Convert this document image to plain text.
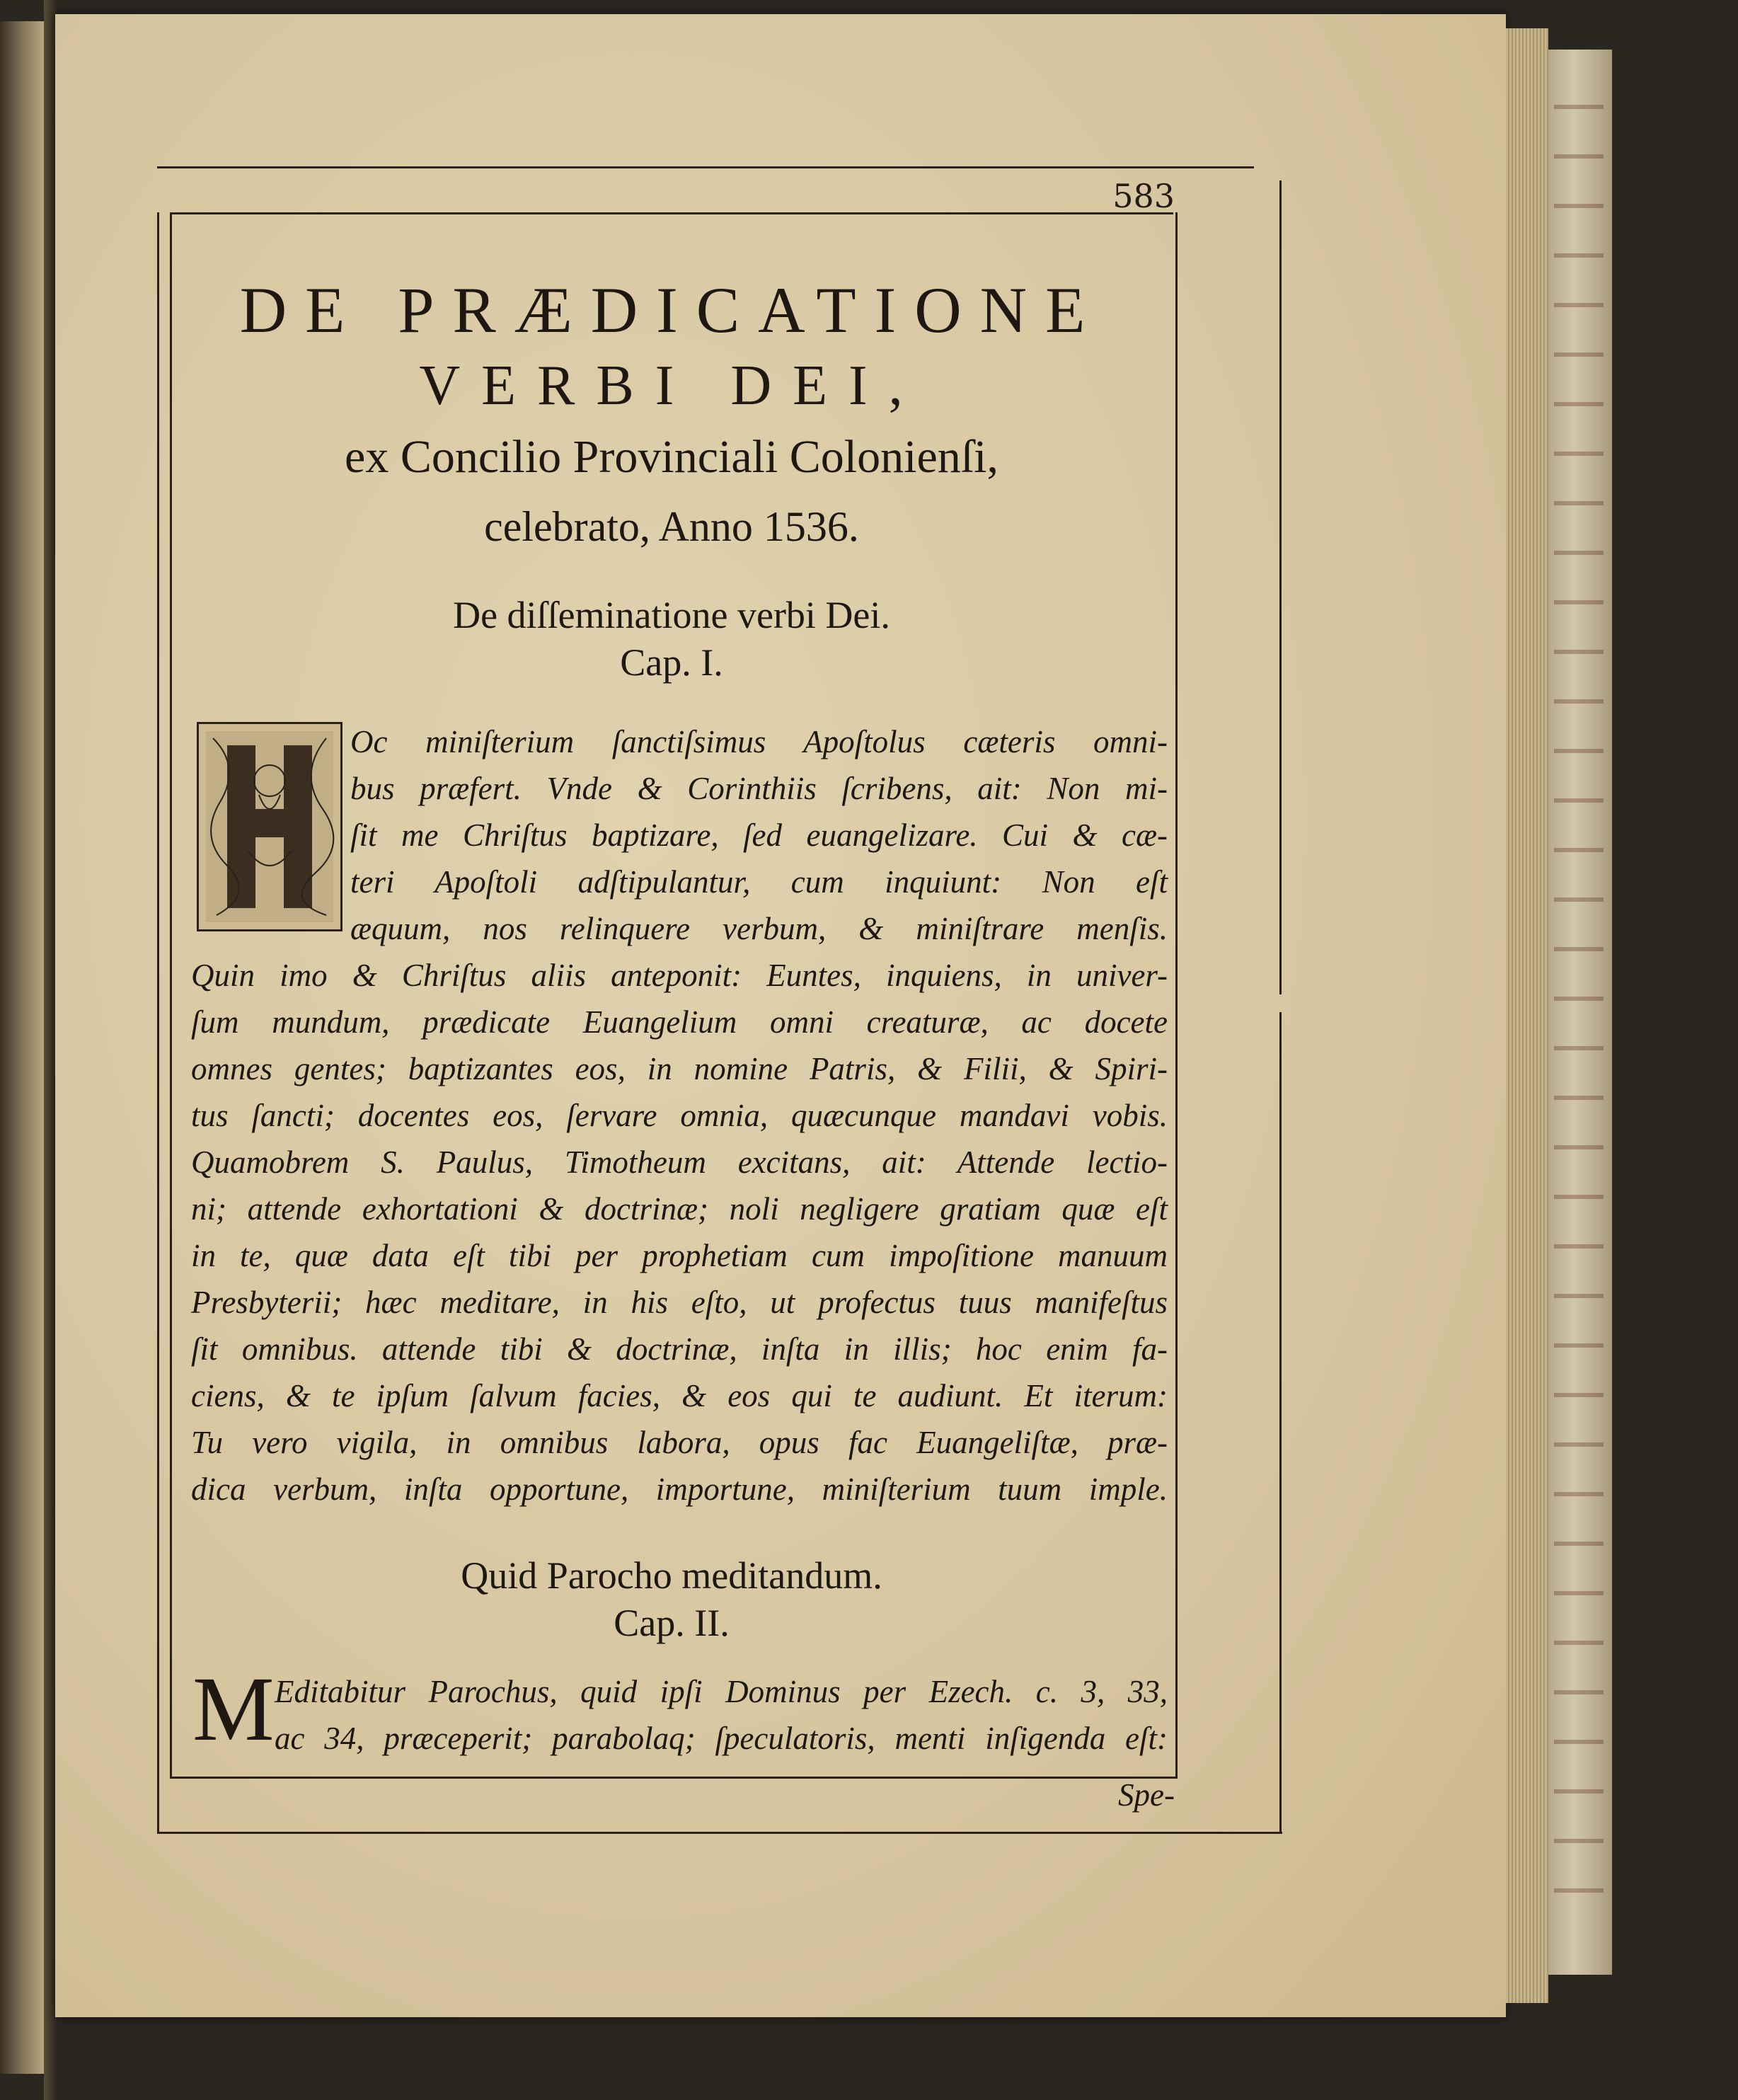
583
DE PRÆDICATIONE
VERBI DEI,
ex Concilio Provinciali Colonienſi,
celebrato, Anno 1536.
De diſſeminatione verbi Dei.
Cap. I.
Oc miniſterium ſanctiſsimus Apoſtolus cæteris omni-
bus præfert. Vnde & Corinthiis ſcribens, ait: Non mi-
ſit me Chriſtus baptizare, ſed euangelizare. Cui & cæ-
teri Apoſtoli adſtipulantur, cum inquiunt: Non eſt
æquum, nos relinquere verbum, & miniſtrare menſis.
Quin imo & Chriſtus aliis anteponit: Euntes, inquiens, in univer-
ſum mundum, prædicate Euangelium omni creaturæ, ac docete
omnes gentes; baptizantes eos, in nomine Patris, & Filii, & Spiri-
tus ſancti; docentes eos, ſervare omnia, quæcunque mandavi vobis.
Quamobrem S. Paulus, Timotheum excitans, ait: Attende lectio-
ni; attende exhortationi & doctrinæ; noli negligere gratiam quæ eſt
in te, quæ data eſt tibi per prophetiam cum impoſitione manuum
Presbyterii; hæc meditare, in his eſto, ut profectus tuus manifeſtus
ſit omnibus. attende tibi & doctrinæ, inſta in illis; hoc enim fa-
ciens, & te ipſum ſalvum facies, & eos qui te audiunt. Et iterum:
Tu vero vigila, in omnibus labora, opus fac Euangeliſtæ, præ-
dica verbum, inſta opportune, importune, miniſterium tuum imple.
Quid Parocho meditandum.
Cap. II.
M Editabitur Parochus, quid ipſi Dominus per Ezech. c. 3, 33,
ac 34, præceperit; parabolaq; ſpeculatoris, menti inſigenda eſt:
Spe-
